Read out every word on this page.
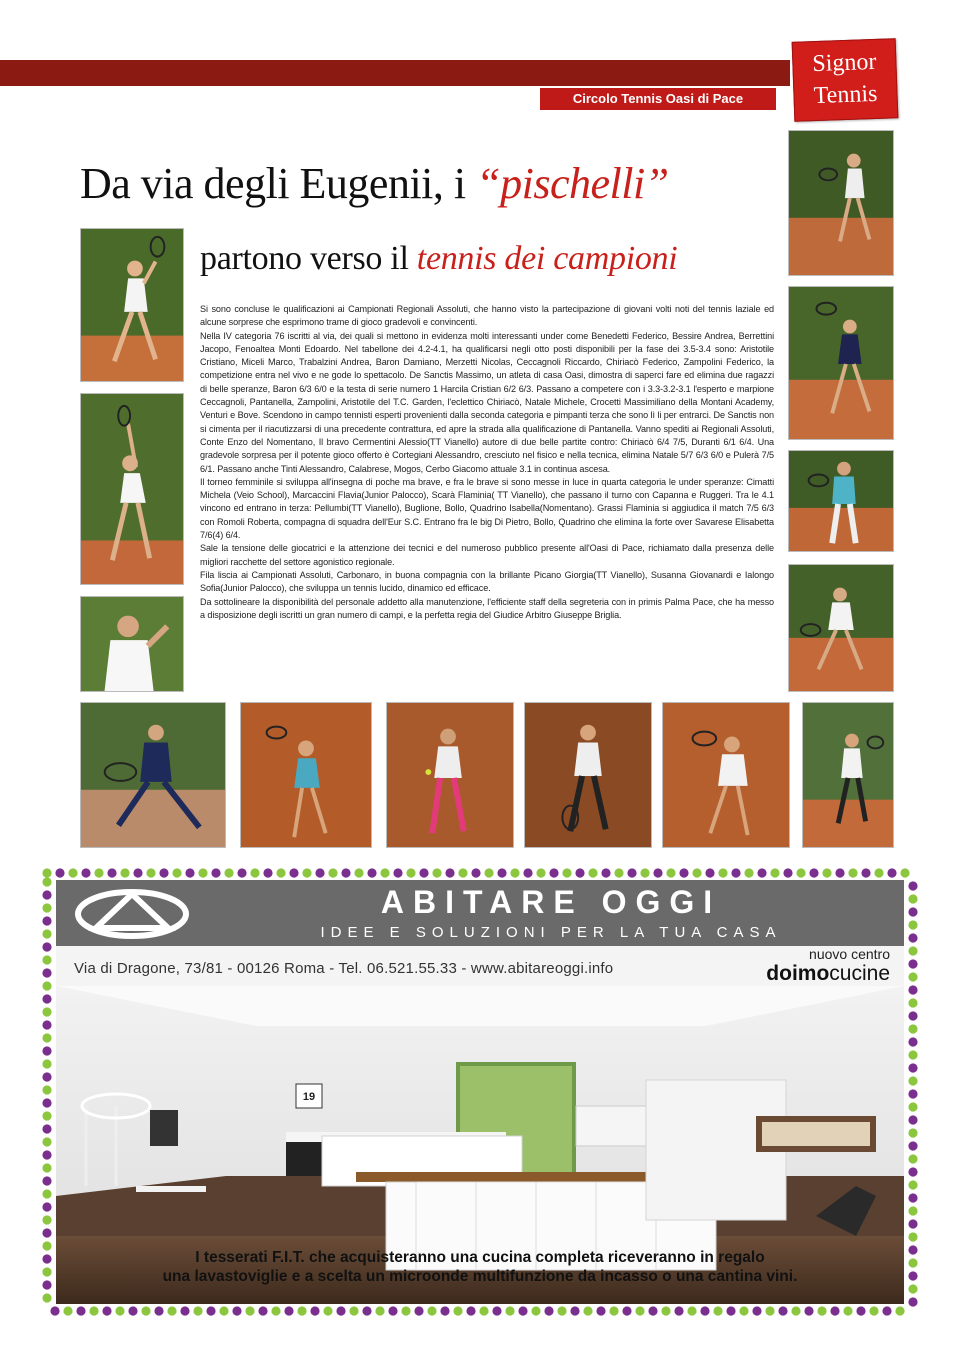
Circolo Tennis Oasi di Pace
Signor
Tennis
Da via degli Eugenii, i “pischelli”
partono verso il tennis dei campioni

Si sono concluse le qualificazioni ai Campionati Regionali Assoluti, che hanno visto la partecipazione di giovani volti noti del tennis laziale ed alcune sorprese che esprimono trame di gioco gradevoli e convincenti.

Nella IV categoria 76 iscritti al via, dei quali si mettono in evidenza molti interessanti under come Benedetti Federico, Bessire Andrea, Berrettini Jacopo, Fenoaltea Monti Edoardo. Nel tabellone dei 4.2-4.1, ha qualificarsi negli otto posti disponibili per la fase dei 3.5-3.4 sono: Aristotile Cristiano, Miceli Marco, Trabalzini Andrea, Baron Damiano, Merzetti Nicolas, Ceccagnoli Riccardo, Chiriacò Federico, Zampolini Federico, la competizione entra nel vivo e ne gode lo spettacolo. De Sanctis Massimo, un atleta di casa Oasi, dimostra di saperci fare ed elimina due ragazzi di belle speranze, Baron 6/3 6/0 e la testa di serie numero 1 Harcila Cristian 6/2 6/3. Passano a competere con i 3.3-3.2-3.1 l'esperto e marpione Ceccagnoli, Pantanella, Zampolini, Aristotile del T.C. Garden, l'eclettico Chiriacò, Natale Michele, Crocetti Massimiliano della Montani Academy, Venturi e Bove. Scendono in campo tennisti esperti provenienti dalla seconda categoria e pimpanti terza che sono lì li per entrarci. De Sanctis non si cimenta per il riacutizzarsi di una precedente contrattura, ed apre la strada alla qualificazione di Pantanella. Vanno spediti ai Regionali Assoluti, Conte Enzo del Nomentano, Il bravo Cermentini Alessio(TT Vianello) autore di due belle partite contro: Chiriacò 6/4 7/5, Duranti 6/1 6/4. Una gradevole sorpresa per il potente gioco offerto è Cortegiani Alessandro, cresciuto nel fisico e nella tecnica, elimina Natale 5/7 6/3 6/0 e Pulerà 7/5 6/1. Passano anche Tinti Alessandro, Calabrese, Mogos, Cerbo Giacomo attuale 3.1 in continua ascesa.

Il torneo femminile si sviluppa all'insegna di poche ma brave, e fra le brave si sono messe in luce in quarta categoria le under speranze: Cimatti Michela (Veio School), Marcaccini Flavia(Junior Palocco), Scarà Flaminia( TT Vianello), che passano il turno con Capanna e Ruggeri. Tra le 4.1 vincono ed entrano in terza: Pellumbi(TT Vianello), Buglione, Bollo, Quadrino Isabella(Nomentano). Grassi Flaminia si aggiudica il match 7/5 6/3 con Romoli Roberta, compagna di squadra dell'Eur S.C. Entrano fra le big Di Pietro, Bollo, Quadrino che elimina la forte over Savarese Elisabetta 7/6(4) 6/4.

Sale la tensione delle giocatrici e la attenzione dei tecnici e del numeroso pubblico presente all'Oasi di Pace, richiamato dalla presenza delle migliori racchette del settore agonistico regionale.

Fila liscia ai Campionati Assoluti, Carbonaro, in buona compagnia con la brillante Picano Giorgia(TT Vianello), Susanna Giovanardi e Ialongo Sofia(Junior Palocco), che sviluppa un tennis lucido, dinamico ed efficace.

Da sottolineare la disponibilità del personale addetto alla manutenzione, l'efficiente staff della segreteria con in primis Palma Pace, che ha messo a disposizione degli iscritti un gran numero di campi, e la perfetta regia del Giudice Arbitro Giuseppe Briglia.

ABITARE OGGI
IDEE E SOLUZIONI PER LA TUA CASA
Via di Dragone, 73/81 - 00126 Roma - Tel. 06.521.55.33 - www.abitareoggi.info
nuovo centro
doimocucine
19
I tesserati F.I.T. che acquisteranno una cucina completa riceveranno in regalo
una lavastoviglie e a scelta un microonde multifunzione da incasso o una cantina vini.
